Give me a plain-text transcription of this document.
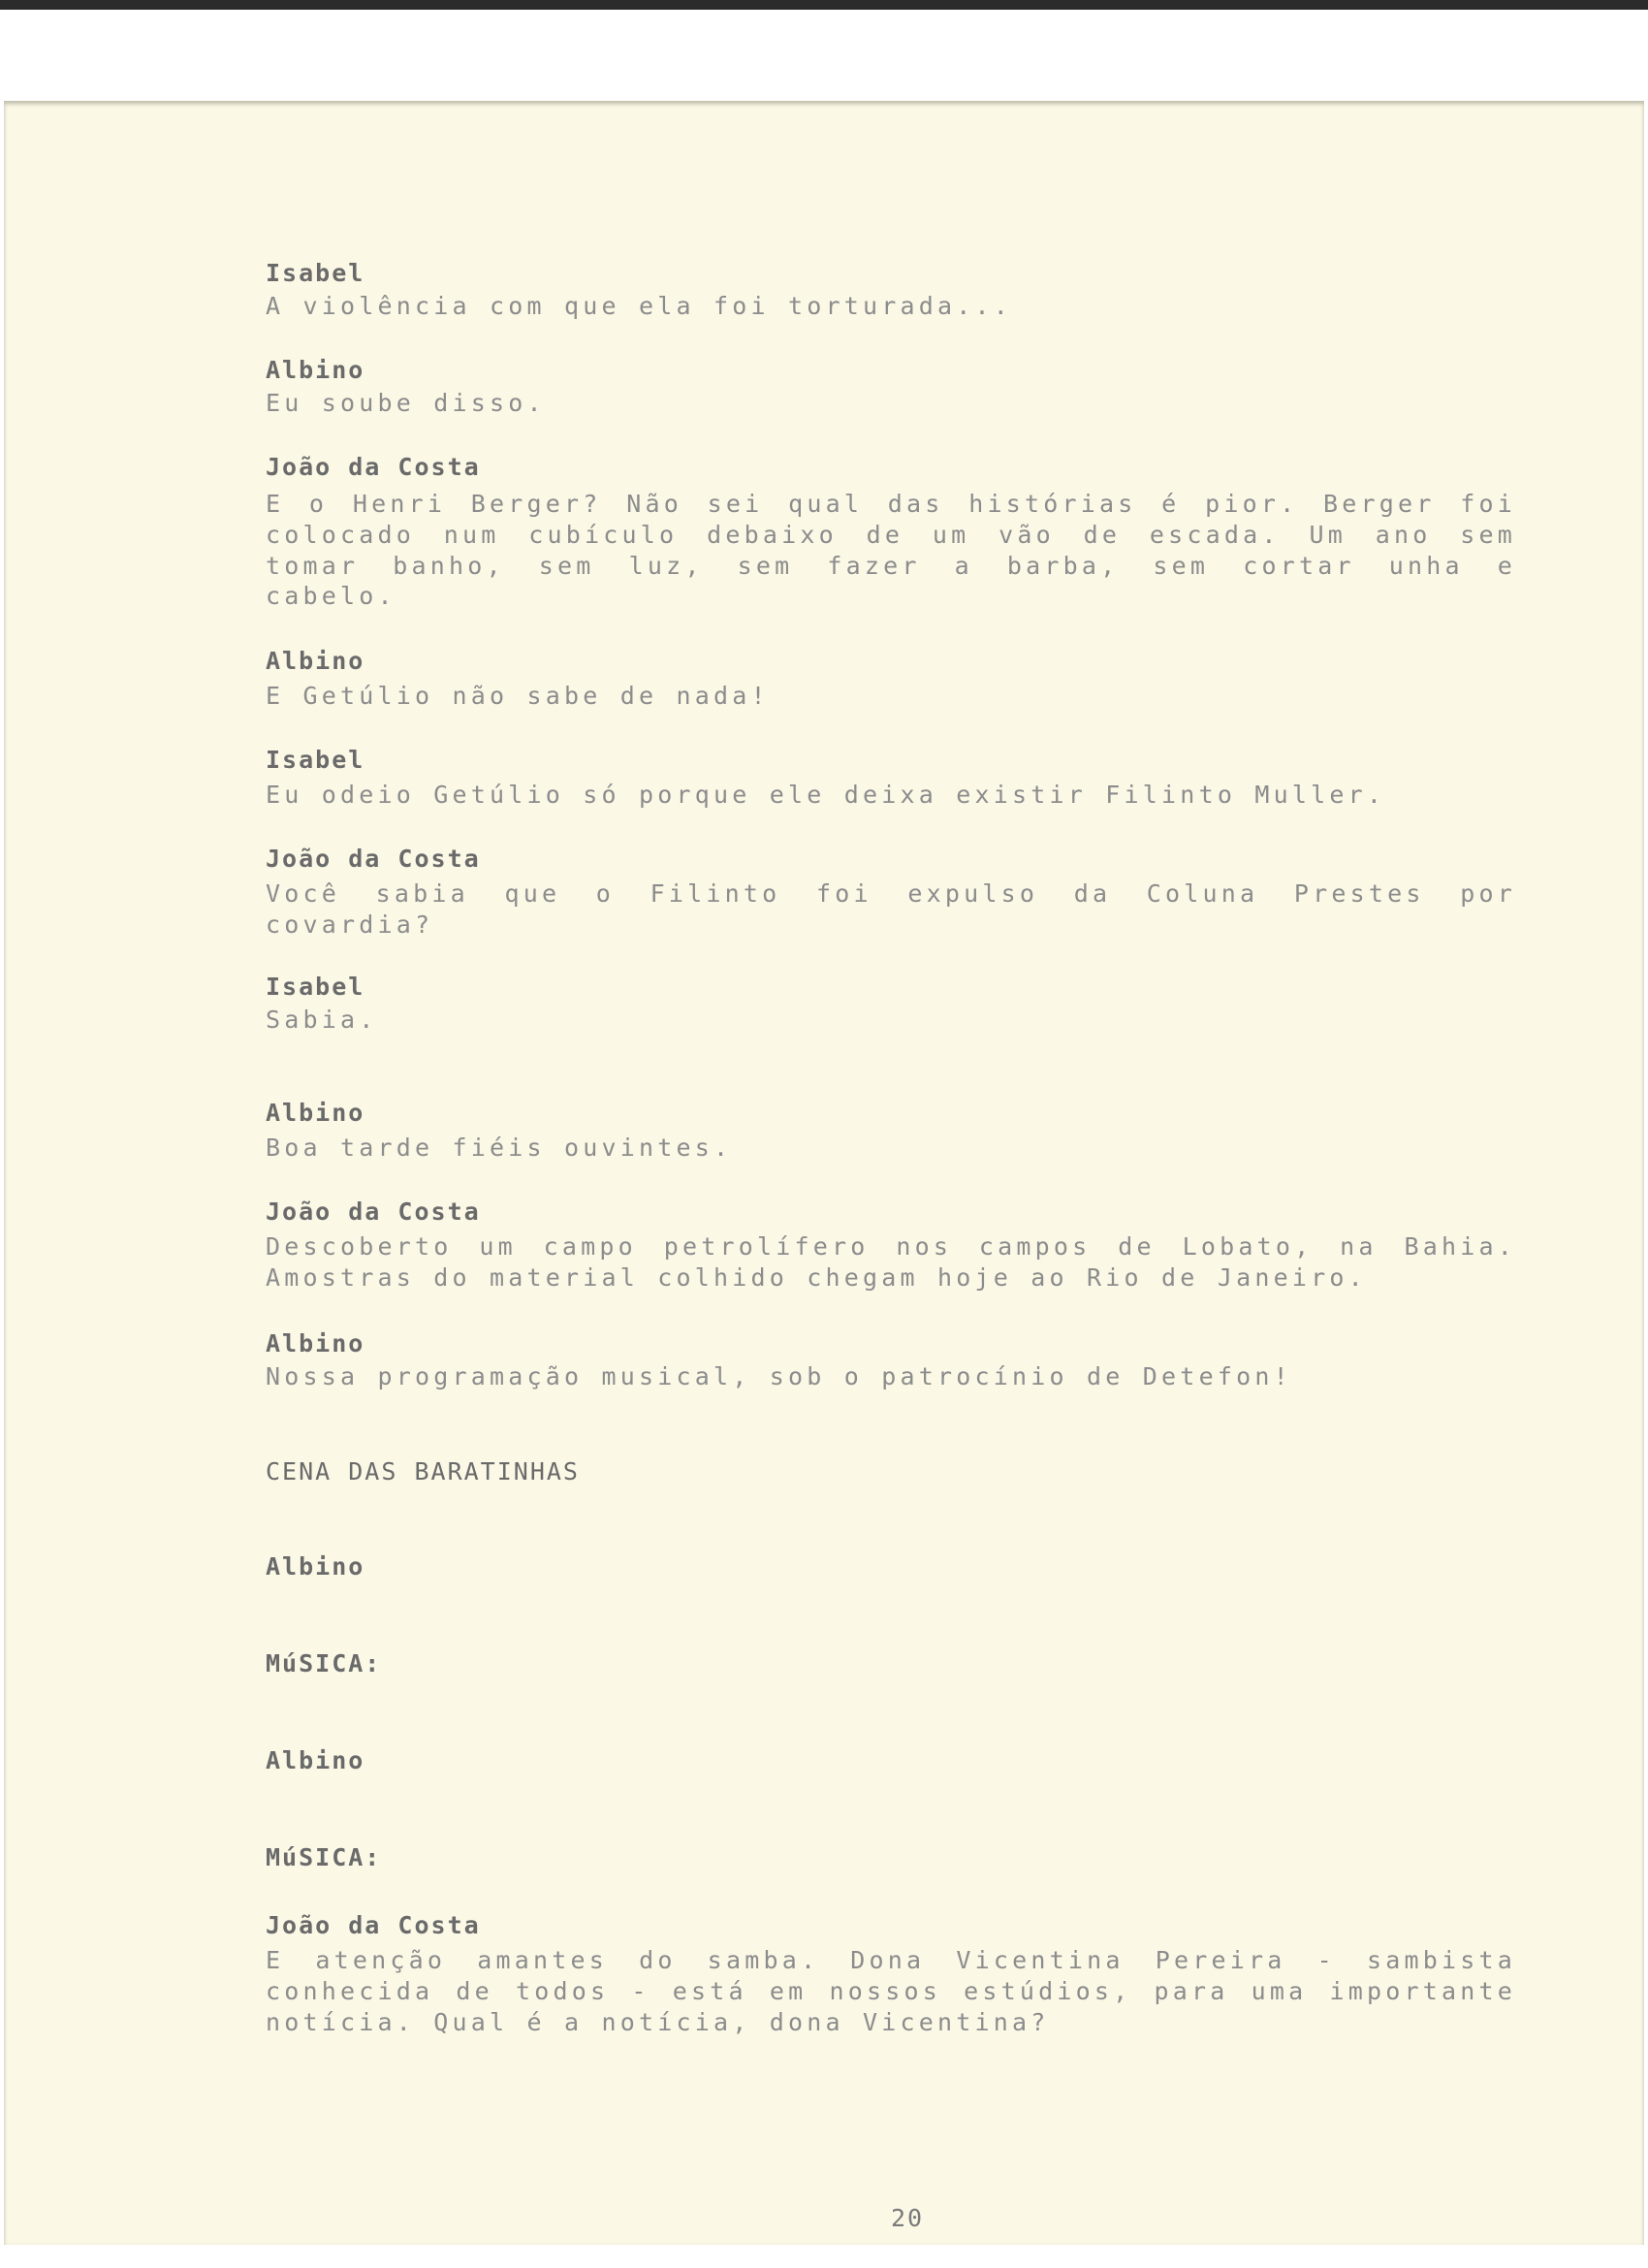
Isabel
A violência com que ela foi torturada...
Albino
Eu soube disso.
João da Costa
E o Henri Berger? Não sei qual das histórias é pior. Berger foi
colocado num cubículo debaixo de um vão de escada. Um ano sem
tomar banho, sem luz, sem fazer a barba, sem cortar unha e
cabelo.
Albino
E Getúlio não sabe de nada!
Isabel
Eu odeio Getúlio só porque ele deixa existir Filinto Muller.
João da Costa
Você sabia que o Filinto foi expulso da Coluna Prestes por
covardia?
Isabel
Sabia.
Albino
Boa tarde fiéis ouvintes.
João da Costa
Descoberto um campo petrolífero nos campos de Lobato, na Bahia.
Amostras do material colhido chegam hoje ao Rio de Janeiro.
Albino
Nossa programação musical, sob o patrocínio de Detefon!
CENA DAS BARATINHAS
Albino
MúSICA:
Albino
MúSICA:
João da Costa
E atenção amantes do samba. Dona Vicentina Pereira - sambista
conhecida de todos - está em nossos estúdios, para uma importante
notícia. Qual é a notícia, dona Vicentina?
20
